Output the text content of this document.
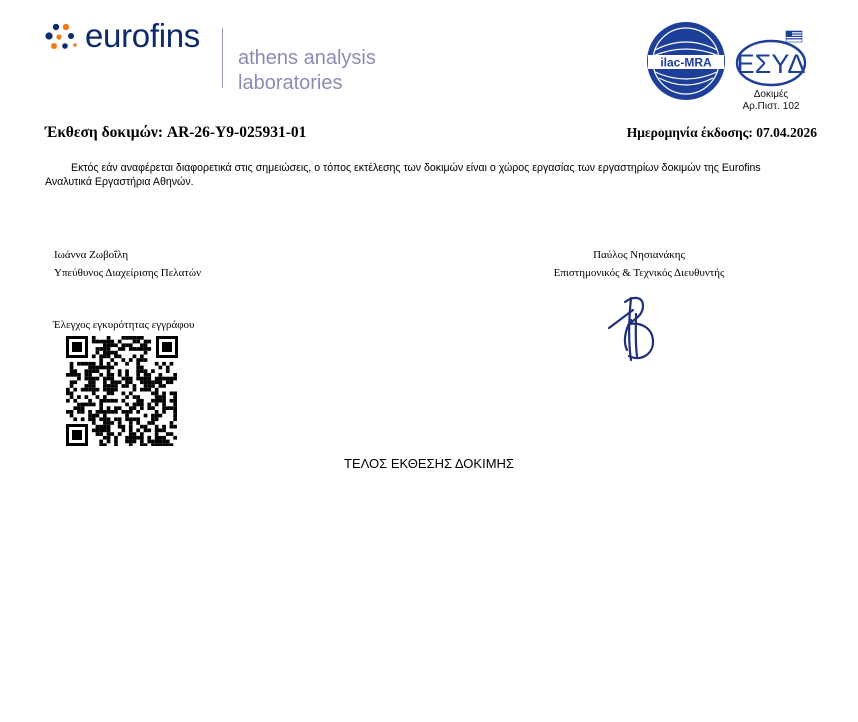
eurofins
athens analysis
laboratories
ilac-MRA ΕΣΥΔ
Δοκιμές
Αρ.Πιστ. 102
Έκθεση δοκιμών: AR-26-Y9-025931-01	Ημερομηνία έκδοσης: 07.04.2026
Εκτός εάν αναφέρεται διαφορετικά στις σημειώσεις, ο τόπος εκτέλεσης των δοκιμών είναι ο χώρος εργασίας των εργαστηρίων δοκιμών της Eurofins Αναλυτικά Εργαστήρια Αθηνών.
Ιωάννα Ζωβοΐλη
Υπεύθυνος Διαχείρισης Πελατών
Παύλος Νησιανάκης
Επιστημονικός & Τεχνικός Διευθυντής
Έλεγχος εγκυρότητας εγγράφου
ΤΕΛΟΣ ΕΚΘΕΣΗΣ ΔΟΚΙΜΗΣ
